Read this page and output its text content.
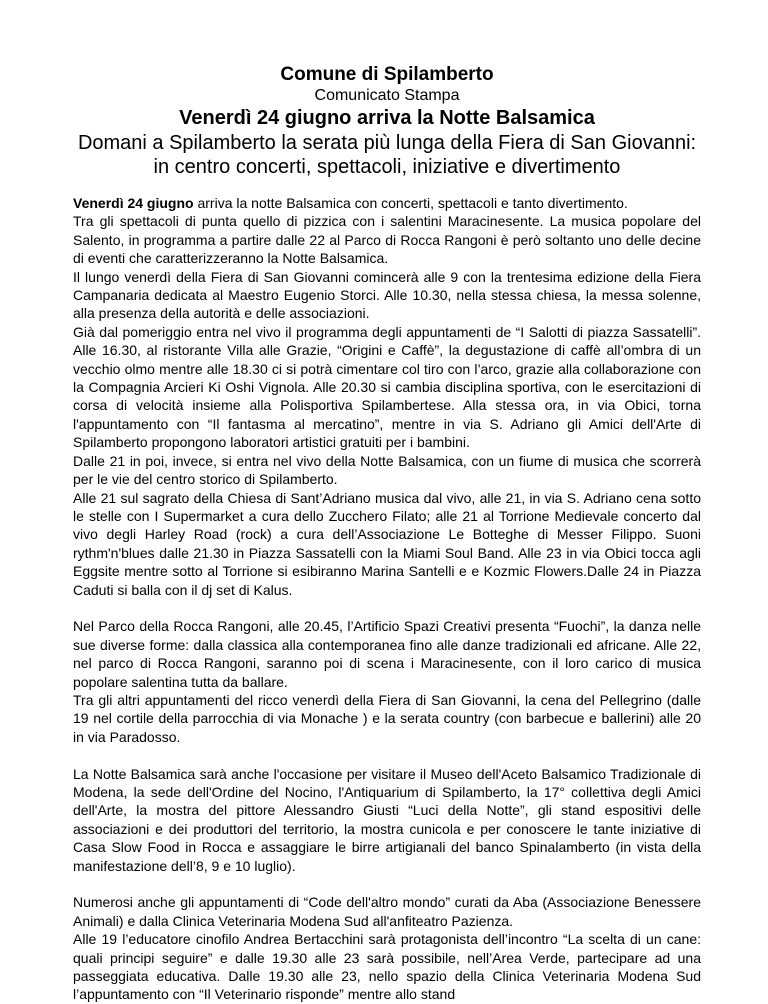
Comune di Spilamberto
Comunicato Stampa
Venerdì 24 giugno arriva la Notte Balsamica
Domani a Spilamberto la serata più lunga della Fiera di San Giovanni: in centro concerti, spettacoli, iniziative e divertimento

Venerdì 24 giugno arriva la notte Balsamica con concerti, spettacoli e tanto divertimento.

Tra gli spettacoli di punta quello di pizzica con i salentini Maracinesente. La musica popolare del Salento, in programma a partire dalle 22 al Parco di Rocca Rangoni è però soltanto uno delle decine di eventi che caratterizzeranno la Notte Balsamica.

Il lungo venerdì della Fiera di San Giovanni comincerà alle 9 con la trentesima edizione della Fiera Campanaria dedicata al Maestro Eugenio Storci. Alle 10.30, nella stessa chiesa, la messa solenne, alla presenza della autorità e delle associazioni.

Già dal pomeriggio entra nel vivo il programma degli appuntamenti de “I Salotti di piazza Sassatelli”. Alle 16.30, al ristorante Villa alle Grazie, “Origini e Caffè”, la degustazione di caffè all’ombra di un vecchio olmo mentre alle 18.30 ci si potrà cimentare col tiro con l’arco, grazie alla collaborazione con la Compagnia Arcieri Ki Oshi Vignola. Alle 20.30 si cambia disciplina sportiva, con le esercitazioni di corsa di velocità insieme alla Polisportiva Spilambertese. Alla stessa ora, in via Obici, torna l'appuntamento con “Il fantasma al mercatino”, mentre in via S. Adriano gli Amici dell'Arte di Spilamberto propongono laboratori artistici gratuiti per i bambini.

Dalle 21 in poi, invece, si entra nel vivo della Notte Balsamica, con un fiume di musica che scorrerà per le vie del centro storico di Spilamberto.

Alle 21 sul sagrato della Chiesa di Sant’Adriano musica dal vivo, alle 21, in via S. Adriano cena sotto le stelle con I Supermarket a cura dello Zucchero Filato; alle 21 al Torrione Medievale concerto dal vivo degli Harley Road (rock) a cura dell’Associazione Le Botteghe di Messer Filippo. Suoni rythm'n'blues dalle 21.30 in Piazza Sassatelli con la Miami Soul Band. Alle 23 in via Obici tocca agli Eggsite mentre sotto al Torrione si esibiranno Marina Santelli e e Kozmic Flowers.Dalle 24 in Piazza Caduti si balla con il dj set di Kalus.

Nel Parco della Rocca Rangoni, alle 20.45, l’Artificio Spazi Creativi presenta “Fuochi”, la danza nelle sue diverse forme: dalla classica alla contemporanea fino alle danze tradizionali ed africane. Alle 22, nel parco di Rocca Rangoni, saranno poi di scena i Maracinesente, con il loro carico di musica popolare salentina tutta da ballare.

Tra gli altri appuntamenti del ricco venerdì della Fiera di San Giovanni, la cena del Pellegrino (dalle 19 nel cortile della parrocchia di via Monache ) e la serata country (con barbecue e ballerini) alle 20 in via Paradosso.

La Notte Balsamica sarà anche l'occasione per visitare il Museo dell'Aceto Balsamico Tradizionale di Modena, la sede dell'Ordine del Nocino, l'Antiquarium di Spilamberto, la 17° collettiva degli Amici dell'Arte, la mostra del pittore Alessandro Giusti “Luci della Notte”, gli stand espositivi delle associazioni e dei produttori del territorio, la mostra cunicola e per conoscere le tante iniziative di Casa Slow Food in Rocca e assaggiare le birre artigianali del banco Spinalamberto (in vista della manifestazione dell’8, 9 e 10 luglio).

Numerosi anche gli appuntamenti di “Code dell'altro mondo” curati da Aba (Associazione Benessere Animali) e dalla Clinica Veterinaria Modena Sud all'anfiteatro Pazienza.

Alle 19 l’educatore cinofilo Andrea Bertacchini sarà protagonista dell’incontro “La scelta di un cane: quali principi seguire” e dalle 19.30 alle 23 sarà possibile, nell’Area Verde, partecipare ad una passeggiata educativa. Dalle 19.30 alle 23, nello spazio della Clinica Veterinaria Modena Sud l’appuntamento con “Il Veterinario risponde” mentre allo stand
